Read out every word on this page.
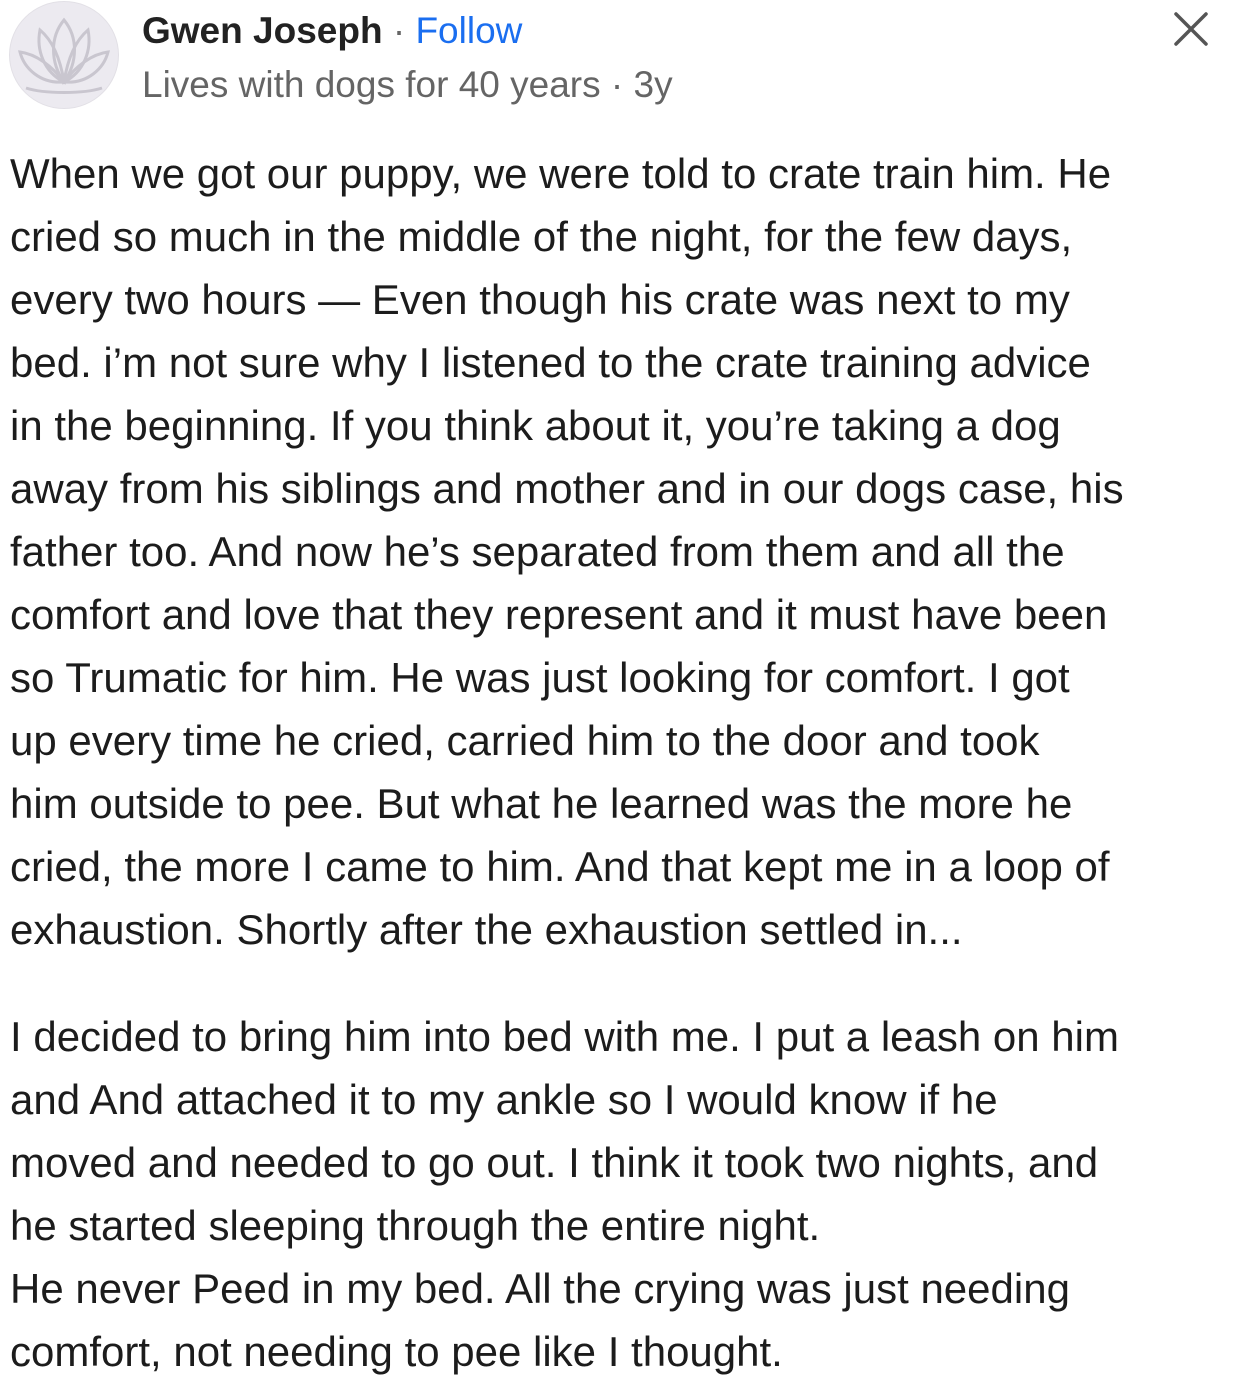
Gwen Joseph · Follow
Lives with dogs for 40 years · 3y
When we got our puppy, we were told to crate train him. He
cried so much in the middle of the night, for the few days,
every two hours — Even though his crate was next to my
bed. i’m not sure why I listened to the crate training advice
in the beginning. If you think about it, you’re taking a dog
away from his siblings and mother and in our dogs case, his
father too. And now he’s separated from them and all the
comfort and love that they represent and it must have been
so Trumatic for him. He was just looking for comfort. I got
up every time he cried, carried him to the door and took
him outside to pee. But what he learned was the more he
cried, the more I came to him. And that kept me in a loop of
exhaustion. Shortly after the exhaustion settled in...
I decided to bring him into bed with me. I put a leash on him
and And attached it to my ankle so I would know if he
moved and needed to go out. I think it took two nights, and
he started sleeping through the entire night.
He never Peed in my bed. All the crying was just needing
comfort, not needing to pee like I thought.
